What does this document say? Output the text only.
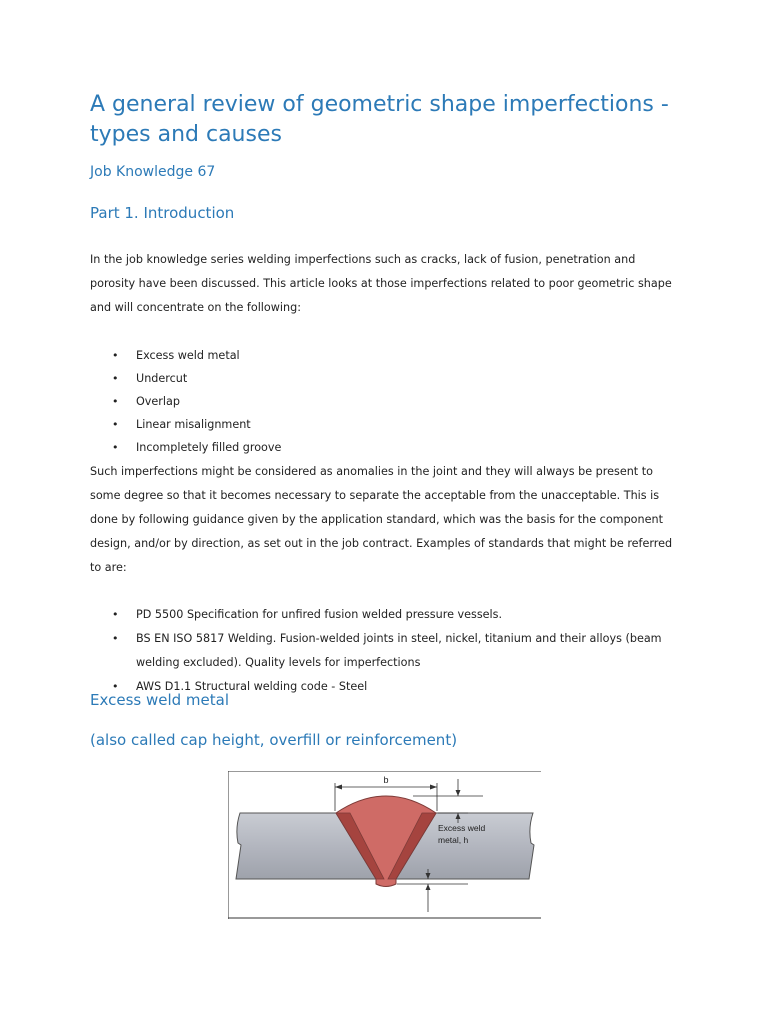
A general review of geometric shape imperfections - types and causes
Job Knowledge 67
Part 1. Introduction

In the job knowledge series welding imperfections such as cracks, lack of fusion, penetration and porosity have been discussed. This article looks at those imperfections related to poor geometric shape and will concentrate on the following:

• Excess weld metal
• Undercut
• Overlap
• Linear misalignment
• Incompletely filled groove

Such imperfections might be considered as anomalies in the joint and they will always be present to some degree so that it becomes necessary to separate the acceptable from the unacceptable. This is done by following guidance given by the application standard, which was the basis for the component design, and/or by direction, as set out in the job contract. Examples of standards that might be referred to are:

• PD 5500 Specification for unfired fusion welded pressure vessels.
• BS EN ISO 5817 Welding. Fusion-welded joints in steel, nickel, titanium and their alloys (beam welding excluded). Quality levels for imperfections
• AWS D1.1 Structural welding code - Steel
Excess weld metal
(also called cap height, overfill or reinforcement)
b
Excess weld
metal, h
